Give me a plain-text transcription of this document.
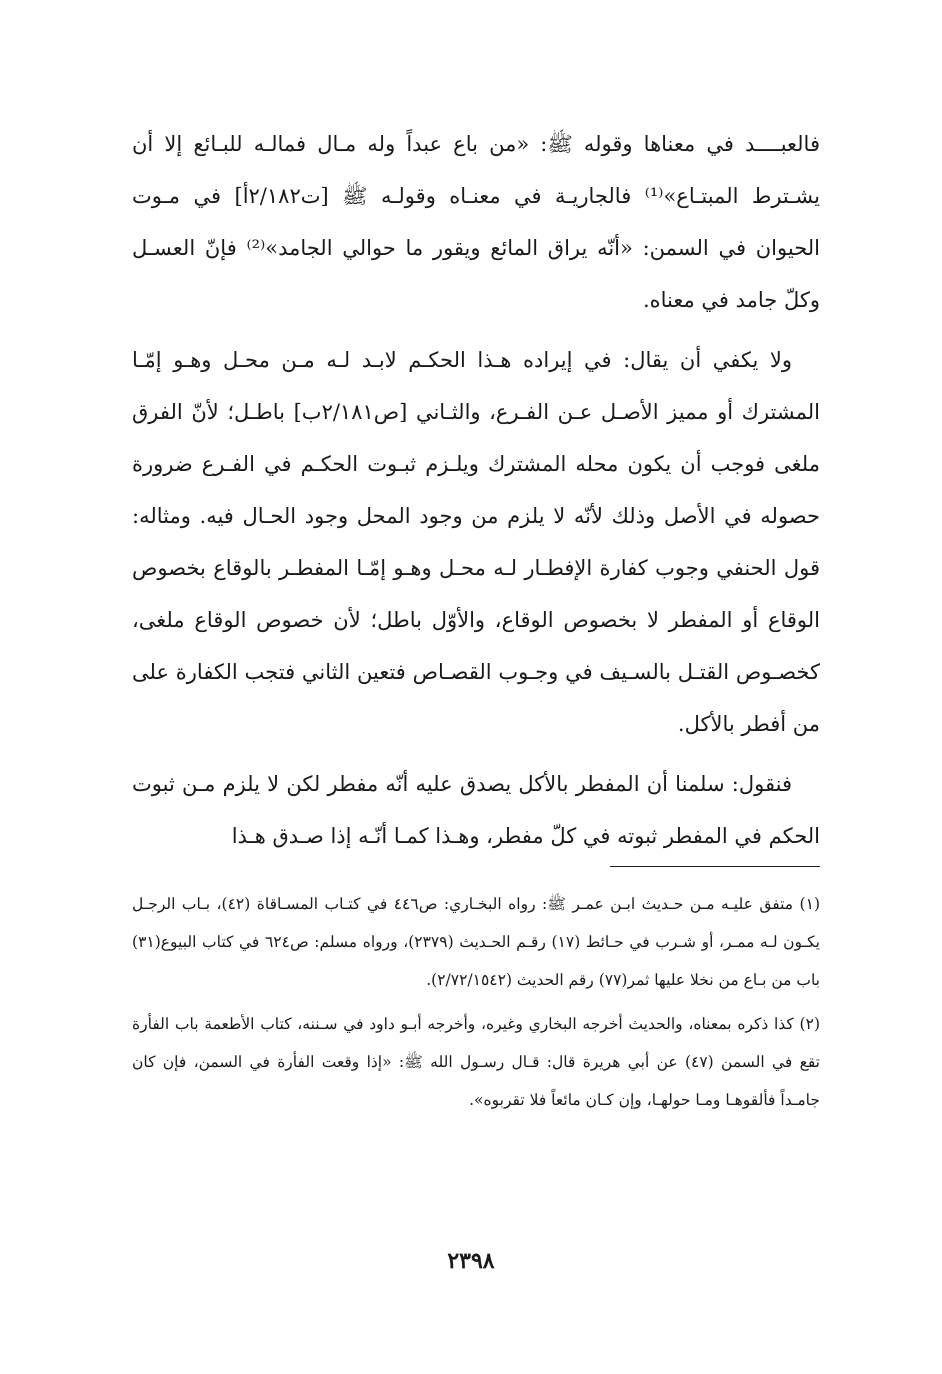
فالعبــــد في معناها وقوله ﷺ: «من باع عبداً وله مـال فمالـه للبـائع إلا أن يشـترط المبتـاع»⁽¹⁾ فالجاريـة في معنـاه وقولـه ﷺ [ت٢/١٨٢أ] في مـوت الحيوان في السمن: «أنّه يراق المائع ويقور ما حوالي الجامد»⁽²⁾ فإنّ العسـل وكلّ جامد في معناه.

ولا يكفي أن يقال: في إيراده هـذا الحكـم لابـد لـه مـن محـل وهـو إمّـا المشترك أو مميز الأصـل عـن الفـرع، والثـاني [ص٢/١٨١ب] باطـل؛ لأنّ الفرق ملغى فوجب أن يكون محله المشترك ويلـزم ثبـوت الحكـم في الفـرع ضرورة حصوله في الأصل وذلك لأنّه لا يلزم من وجود المحل وجود الحـال فيه. ومثاله: قول الحنفي وجوب كفارة الإفطـار لـه محـل وهـو إمّـا المفطـر بالوقاع بخصوص الوقاع أو المفطر لا بخصوص الوقاع، والأوّل باطل؛ لأن خصوص الوقاع ملغى، كخصـوص القتـل بالسـيف في وجـوب القصـاص فتعين الثاني فتجب الكفارة على من أفطر بالأكل.

فنقول: سلمنا أن المفطر بالأكل يصدق عليه أنّه مفطر لكن لا يلزم مـن ثبوت الحكم في المفطر ثبوته في كلّ مفطر، وهـذا كمـا أنّـه إذا صـدق هـذا

(١) متفق عليـه مـن حـديث ابـن عمـر ﷺ: رواه البخـاري: ص٤٤٦ في كتـاب المسـاقاة (٤٢)، بـاب الرجـل يكـون لـه ممـر، أو شـرب في حـائط (١٧) رقـم الحـديث (٢٣٧٩)، ورواه مسلم: ص٦٢٤ في كتاب البيوع(٣١) باب من بـاع من نخلا عليها ثمر(٧٧) رقم الحديث (٢/٧٢/١٥٤٢).

(٢) كذا ذكره بمعناه، والحديث أخرجه البخاري وغيره، وأخرجه أبـو داود في سـننه، كتاب الأطعمة باب الفأرة تقع في السمن (٤٧) عن أبي هريرة قال: قـال رسـول الله ﷺ: «إذا وقعت الفأرة في السمن، فإن كان جامـداً فألقوهـا ومـا حولهـا، وإن كـان مائعاً فلا تقربوه».

٢٣٩٨
